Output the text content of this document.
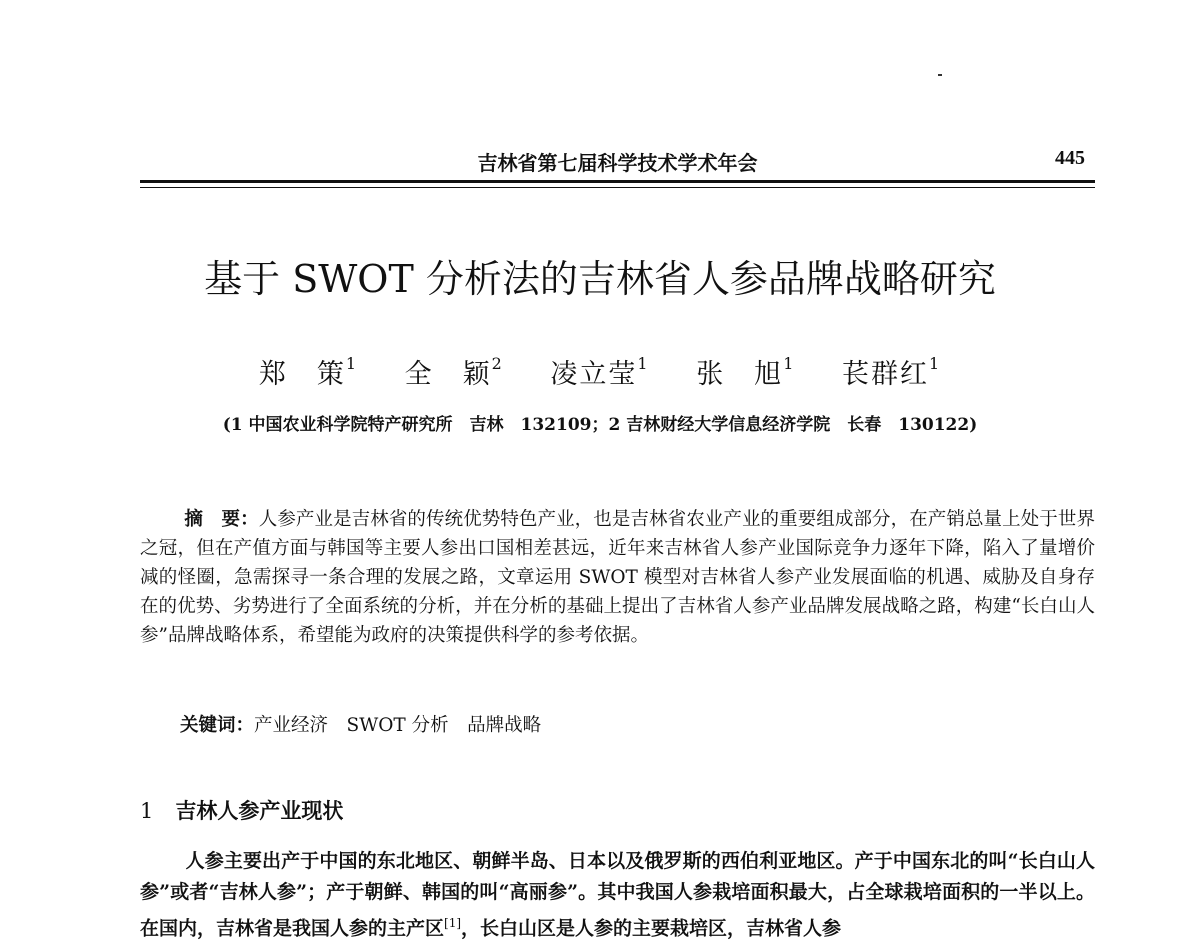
吉林省第七届科学技术学术年会	445
基于 SWOT 分析法的吉林省人参品牌战略研究
郑　策$^1$ 全　颖$^2$ 凌立莹$^1$ 张　旭$^1$ 苌群红$^1$
(1 中国农业科学院特产研究所　吉林　132109；2 吉林财经大学信息经济学院　长春　130122)

摘　要：人参产业是吉林省的传统优势特色产业，也是吉林省农业产业的重要组成部分，在产销总量上处于世界之冠，但在产值方面与韩国等主要人参出口国相差甚远，近年来吉林省人参产业国际竞争力逐年下降，陷入了量增价减的怪圈，急需探寻一条合理的发展之路，文章运用 SWOT 模型对吉林省人参产业发展面临的机遇、威胁及自身存在的优势、劣势进行了全面系统的分析，并在分析的基础上提出了吉林省人参产业品牌发展战略之路，构建“长白山人参”品牌战略体系，希望能为政府的决策提供科学的参考依据。

关键词：产业经济　SWOT 分析　品牌战略
1 吉林人参产业现状

人参主要出产于中国的东北地区、朝鲜半岛、日本以及俄罗斯的西伯利亚地区。产于中国东北的叫“长白山人参”或者“吉林人参”；产于朝鲜、韩国的叫“高丽参”。其中我国人参栽培面积最大，占全球栽培面积的一半以上。在国内，吉林省是我国人参的主产区[1]，长白山区是人参的主要栽培区，吉林省人参
